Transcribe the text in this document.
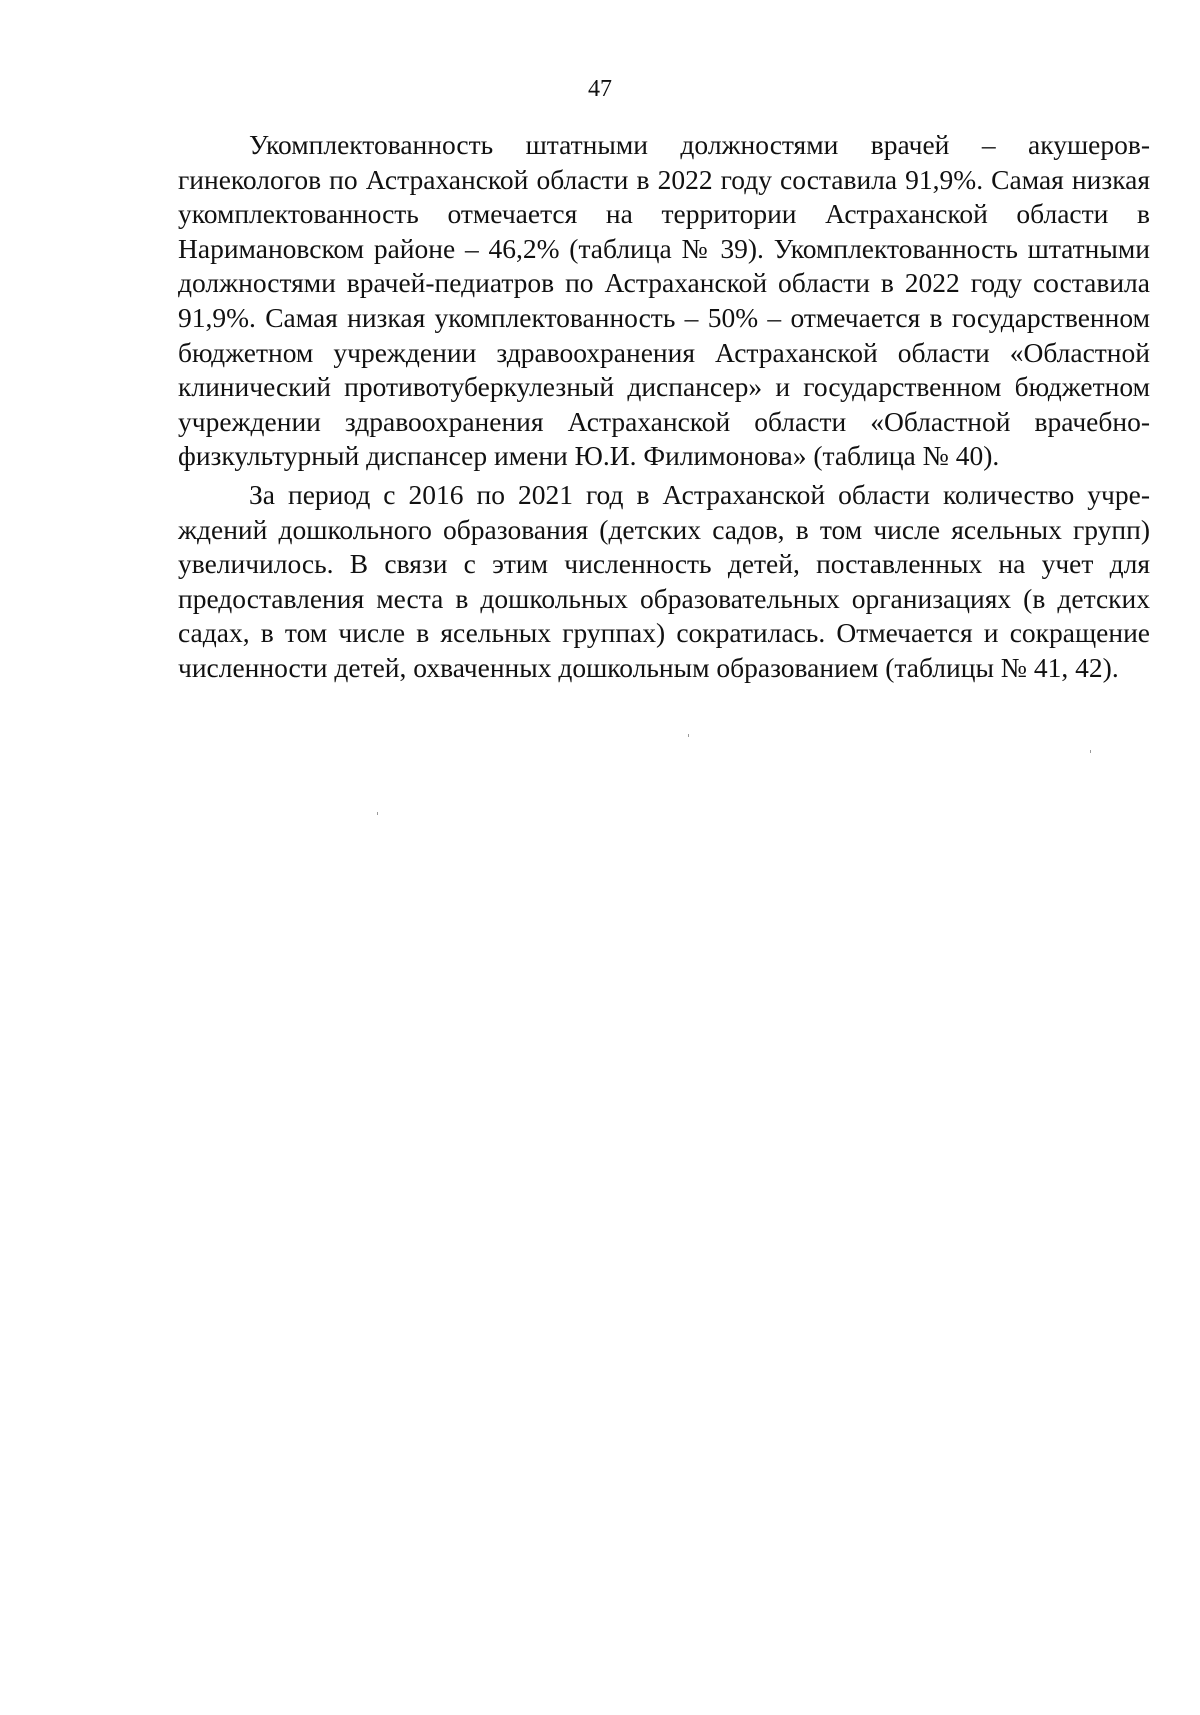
47

Укомплектованность штатными должностями врачей – акушеров-гинекологов по Астраханской области в 2022 году составила 91,9%. Самая низкая укомплектованность отмечается на территории Астраханской области в Наримановском районе – 46,2% (таблица № 39). Укомплектованность штатными должностями врачей-педиатров по Астраханской области в 2022 году составила 91,9%. Самая низкая укомплектованность – 50% – отмечается в государственном бюджетном учреждении здравоохранения Астраханской области «Областной клинический противотуберкулезный диспансер» и государственном бюджетном учреждении здравоохранения Астраханской области «Областной врачебно-физкультурный диспансер имени Ю.И. Филимонова» (таблица № 40).

За период с 2016 по 2021 год в Астраханской области количество учреждений дошкольного образования (детских садов, в том числе ясельных групп) увеличилось. В связи с этим численность детей, поставленных на учет для предоставления места в дошкольных образовательных организациях (в детских садах, в том числе в ясельных группах) сократилась. Отмечается и сокращение численности детей, охваченных дошкольным образованием (таблицы № 41, 42).
